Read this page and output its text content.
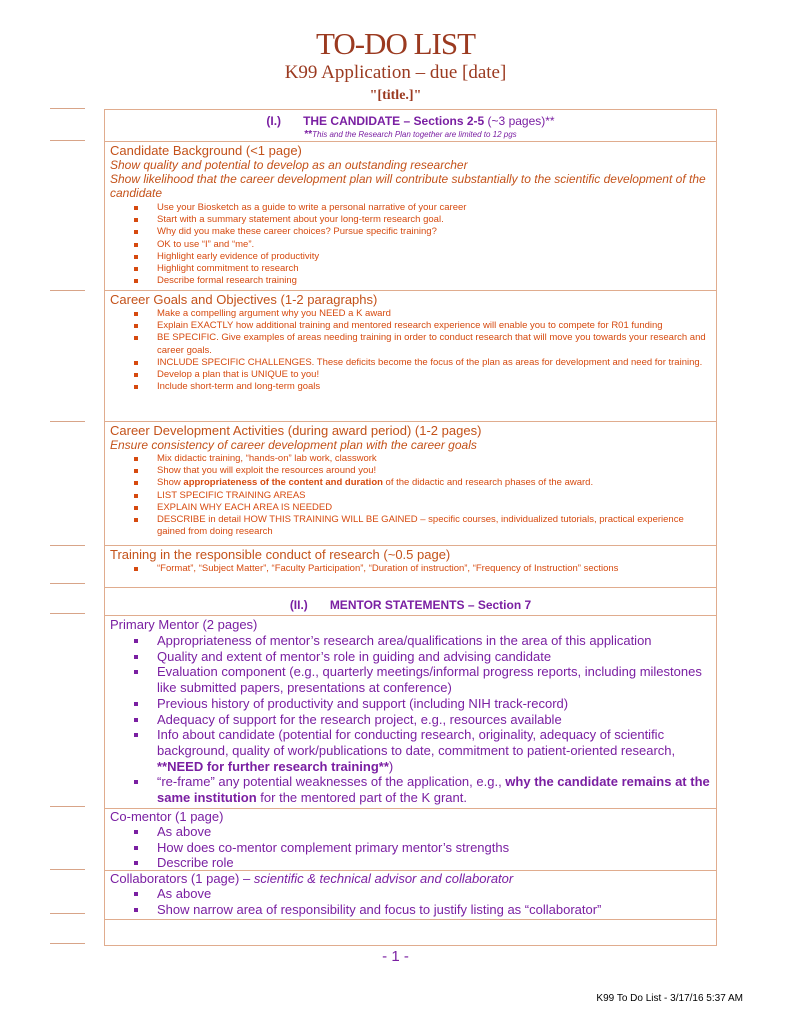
TO-DO LIST
K99 Application – due [date]
"[title.]"
(I.) THE CANDIDATE – Sections 2-5 (~3 pages)**
**This and the Research Plan together are limited to 12 pgs
Candidate Background (<1 page)
Show quality and potential to develop as an outstanding researcher
Show likelihood that the career development plan will contribute substantially to the scientific development of the candidate
Use your Biosketch as a guide to write a personal narrative of your career
Start with a summary statement about your long-term research goal.
Why did you make these career choices? Pursue specific training?
OK to use “I” and “me”.
Highlight early evidence of productivity
Highlight commitment to research
Describe formal research training
Career Goals and Objectives (1-2 paragraphs)
Make a compelling argument why you NEED a K award
Explain EXACTLY how additional training and mentored research experience will enable you to compete for R01 funding
BE SPECIFIC. Give examples of areas needing training in order to conduct research that will move you towards your research and career goals.
INCLUDE SPECIFIC CHALLENGES. These deficits become the focus of the plan as areas for development and need for training.
Develop a plan that is UNIQUE to you!
Include short-term and long-term goals
Career Development Activities (during award period) (1-2 pages)
Ensure consistency of career development plan with the career goals
Mix didactic training, “hands-on” lab work, classwork
Show that you will exploit the resources around you!
Show appropriateness of the content and duration of the didactic and research phases of the award.
LIST SPECIFIC TRAINING AREAS
EXPLAIN WHY EACH AREA IS NEEDED
DESCRIBE in detail HOW THIS TRAINING WILL BE GAINED – specific courses, individualized tutorials, practical experience gained from doing research
Training in the responsible conduct of research (~0.5 page)
“Format”, “Subject Matter”, “Faculty Participation”, “Duration of instruction”, “Frequency of Instruction” sections
(II.) MENTOR STATEMENTS – Section 7
Primary Mentor (2 pages)
Appropriateness of mentor’s research area/qualifications in the area of this application
Quality and extent of mentor’s role in guiding and advising candidate
Evaluation component (e.g., quarterly meetings/informal progress reports, including milestones like submitted papers, presentations at conference)
Previous history of productivity and support (including NIH track-record)
Adequacy of support for the research project, e.g., resources available
Info about candidate (potential for conducting research, originality, adequacy of scientific background, quality of work/publications to date, commitment to patient-oriented research, **NEED for further research training**)
“re-frame” any potential weaknesses of the application, e.g., why the candidate remains at the same institution for the mentored part of the K grant.
Co-mentor (1 page)
As above
How does co-mentor complement primary mentor’s strengths
Describe role
Collaborators (1 page) – scientific & technical advisor and collaborator
As above
Show narrow area of responsibility and focus to justify listing as “collaborator”
- 1 -
K99 To Do List - 3/17/16 5:37 AM
